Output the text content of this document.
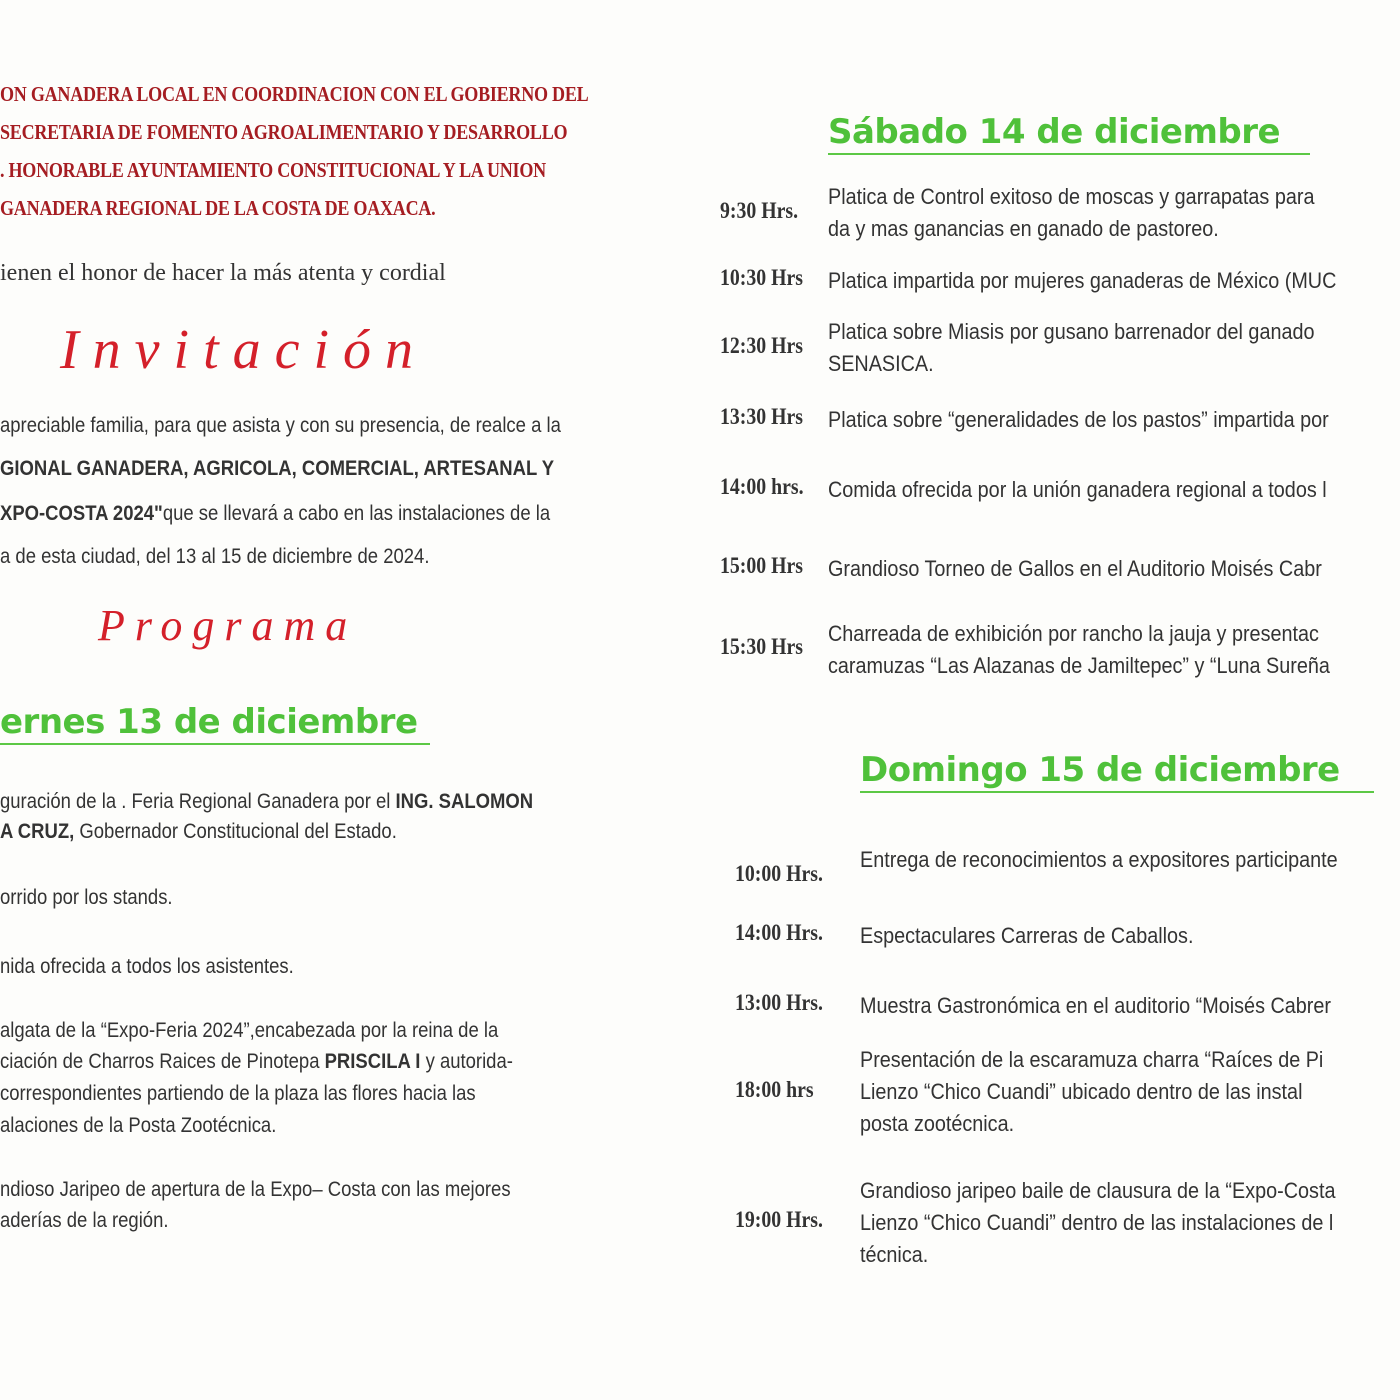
ON GANADERA LOCAL EN COORDINACION CON EL GOBIERNO DEL
SECRETARIA DE FOMENTO AGROALIMENTARIO Y DESARROLLO
. HONORABLE AYUNTAMIENTO CONSTITUCIONAL Y LA UNION
GANADERA REGIONAL DE LA COSTA DE OAXACA.
ienen el honor de hacer la más atenta y cordial
Invitación
apreciable familia, para que asista y con su presencia, de realce a la
GIONAL GANADERA, AGRICOLA, COMERCIAL, ARTESANAL Y
XPO-COSTA 2024"que se llevará a cabo en las instalaciones de la
a de esta ciudad, del 13 al 15 de diciembre de 2024.
Programa
ernes 13 de diciembre
guración de la . Feria Regional Ganadera por el ING. SALOMON
A CRUZ, Gobernador Constitucional del Estado.
orrido por los stands.
nida ofrecida a todos los asistentes.
algata de la “Expo-Feria 2024”,encabezada por la reina de la
ciación de Charros Raices de Pinotepa PRISCILA I y autorida-
correspondientes partiendo de la plaza las flores hacia las
alaciones de la Posta Zootécnica.
ndioso Jaripeo de apertura de la Expo– Costa con las mejores
aderías de la región.
Sábado 14 de diciembre
9:30 Hrs.
Platica de Control exitoso de moscas y garrapatas para
da y mas ganancias en ganado de pastoreo.
10:30 Hrs Platica impartida por mujeres ganaderas de México (MUC
12:30 Hrs
Platica sobre Miasis por gusano barrenador del ganado
SENASICA.
13:30 Hrs Platica sobre “generalidades de los pastos” impartida por
14:00 hrs. Comida ofrecida por la unión ganadera regional a todos l
15:00 Hrs Grandioso Torneo de Gallos en el Auditorio Moisés Cabr
15:30 Hrs
Charreada de exhibición por rancho la jauja y presentac
caramuzas “Las Alazanas de Jamiltepec” y “Luna Sureña
Domingo 15 de diciembre
10:00 Hrs.
Entrega de reconocimientos a expositores participante
14:00 Hrs. Espectaculares Carreras de Caballos.
13:00 Hrs. Muestra Gastronómica en el auditorio “Moisés Cabrer
18:00 hrs
Presentación de la escaramuza charra “Raíces de Pi
Lienzo “Chico Cuandi” ubicado dentro de las instal
posta zootécnica.
19:00 Hrs.
Grandioso jaripeo baile de clausura de la “Expo-Costa
Lienzo “Chico Cuandi” dentro de las instalaciones de l
técnica.
